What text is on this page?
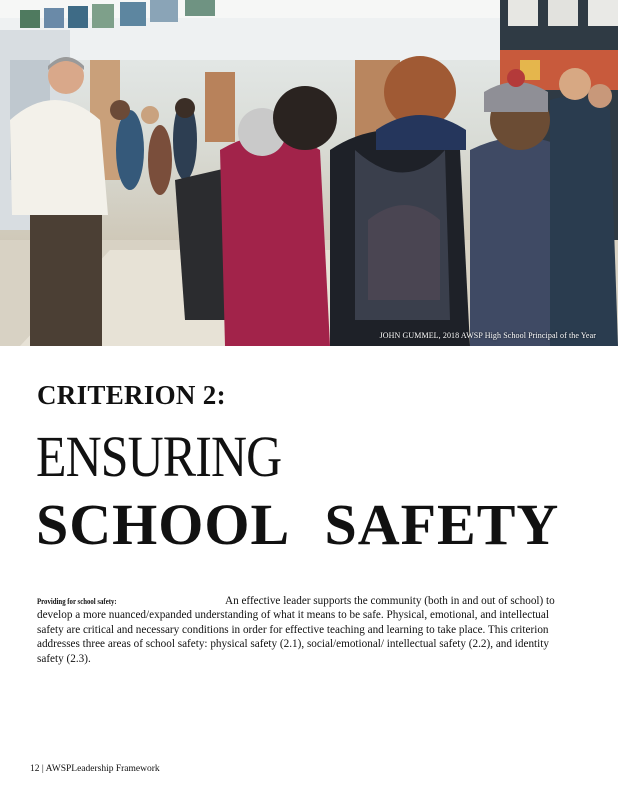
JOHN GUMMEL, 2018 AWSP High School Principal of the Year
CRITERION 2:
ENSURING
SCHOOL SAFETY

Providing for school safety:	An effective leader supports the community (both in and out of school) to develop a more nuanced/expanded understanding of what it means to be safe. Physical, emotional, and intellectual safety are critical and necessary conditions in order for effective teaching and learning to take place. This criterion addresses three areas of school safety: physical safety (2.1), social/emotional/ intellectual safety (2.2), and identity safety (2.3).

12 | AWSPLeadership Framework
